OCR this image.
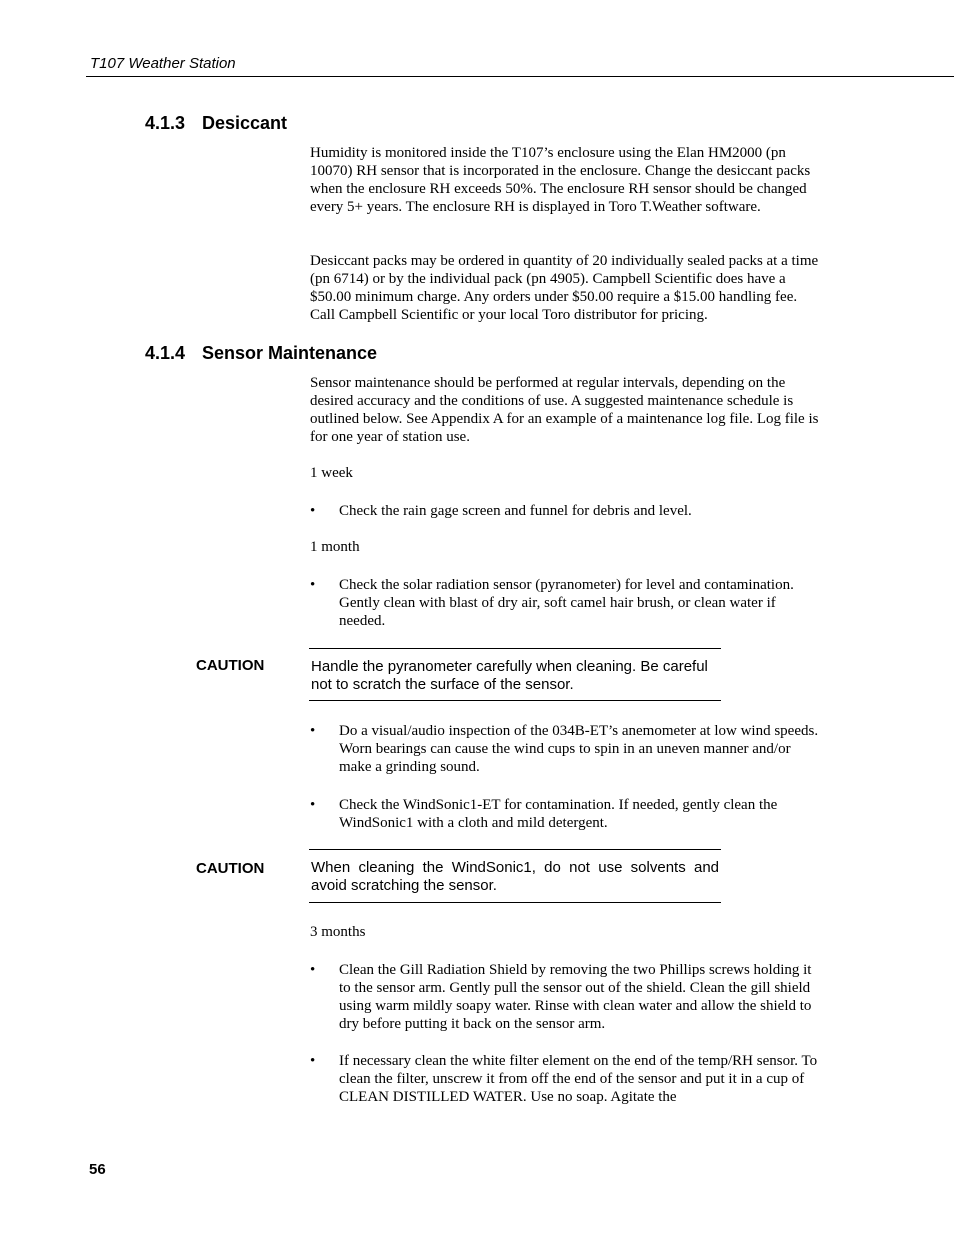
T107 Weather Station
4.1.3 Desiccant

Humidity is monitored inside the T107’s enclosure using the Elan HM2000 (pn 10070) RH sensor that is incorporated in the enclosure. Change the desiccant packs when the enclosure RH exceeds 50%. The enclosure RH sensor should be changed every 5+ years. The enclosure RH is displayed in Toro T.Weather software.

Desiccant packs may be ordered in quantity of 20 individually sealed packs at a time (pn 6714) or by the individual pack (pn 4905). Campbell Scientific does have a $50.00 minimum charge. Any orders under $50.00 require a $15.00 handling fee. Call Campbell Scientific or your local Toro distributor for pricing.

4.1.4 Sensor Maintenance

Sensor maintenance should be performed at regular intervals, depending on the desired accuracy and the conditions of use. A suggested maintenance schedule is outlined below. See Appendix A for an example of a maintenance log file. Log file is for one year of station use.

1 week
• Check the rain gage screen and funnel for debris and level.
1 month
• Check the solar radiation sensor (pyranometer) for level and contamination. Gently clean with blast of dry air, soft camel hair brush, or clean water if needed.
CAUTION	Handle the pyranometer carefully when cleaning. Be careful not to scratch the surface of the sensor.
• Do a visual/audio inspection of the 034B-ET’s anemometer at low wind speeds. Worn bearings can cause the wind cups to spin in an uneven manner and/or make a grinding sound.
• Check the WindSonic1-ET for contamination. If needed, gently clean the WindSonic1 with a cloth and mild detergent.
CAUTION	When cleaning the WindSonic1, do not use solvents and avoid scratching the sensor.
3 months
• Clean the Gill Radiation Shield by removing the two Phillips screws holding it to the sensor arm. Gently pull the sensor out of the shield. Clean the gill shield using warm mildly soapy water. Rinse with clean water and allow the shield to dry before putting it back on the sensor arm.
• If necessary clean the white filter element on the end of the temp/RH sensor. To clean the filter, unscrew it from off the end of the sensor and put it in a cup of CLEAN DISTILLED WATER. Use no soap. Agitate the
56
